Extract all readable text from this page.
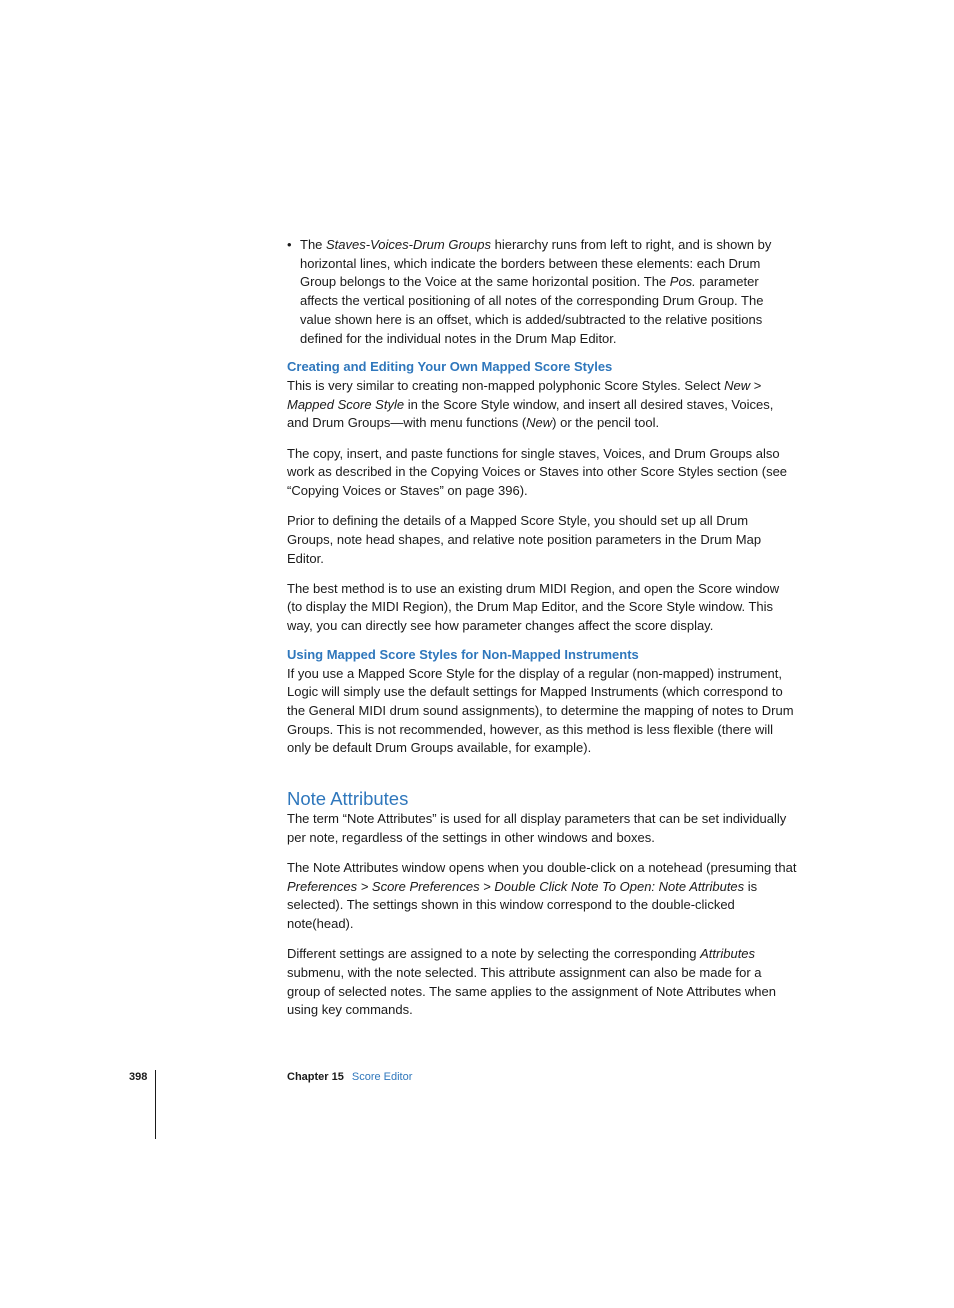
• The Staves-Voices-Drum Groups hierarchy runs from left to right, and is shown by horizontal lines, which indicate the borders between these elements: each Drum Group belongs to the Voice at the same horizontal position. The Pos. parameter affects the vertical positioning of all notes of the corresponding Drum Group. The value shown here is an offset, which is added/subtracted to the relative positions defined for the individual notes in the Drum Map Editor.

Creating and Editing Your Own Mapped Score Styles

This is very similar to creating non-mapped polyphonic Score Styles. Select New > Mapped Score Style in the Score Style window, and insert all desired staves, Voices, and Drum Groups—with menu functions (New) or the pencil tool.

The copy, insert, and paste functions for single staves, Voices, and Drum Groups also work as described in the Copying Voices or Staves into other Score Styles section (see “Copying Voices or Staves” on page 396).

Prior to defining the details of a Mapped Score Style, you should set up all Drum Groups, note head shapes, and relative note position parameters in the Drum Map Editor.

The best method is to use an existing drum MIDI Region, and open the Score window (to display the MIDI Region), the Drum Map Editor, and the Score Style window. This way, you can directly see how parameter changes affect the score display.

Using Mapped Score Styles for Non-Mapped Instruments

If you use a Mapped Score Style for the display of a regular (non-mapped) instrument, Logic will simply use the default settings for Mapped Instruments (which correspond to the General MIDI drum sound assignments), to determine the mapping of notes to Drum Groups. This is not recommended, however, as this method is less flexible (there will only be default Drum Groups available, for example).

Note Attributes

The term “Note Attributes” is used for all display parameters that can be set individually per note, regardless of the settings in other windows and boxes.

The Note Attributes window opens when you double-click on a notehead (presuming that Preferences > Score Preferences > Double Click Note To Open: Note Attributes is selected). The settings shown in this window correspond to the double-clicked note(head).

Different settings are assigned to a note by selecting the corresponding Attributes submenu, with the note selected. This attribute assignment can also be made for a group of selected notes. The same applies to the assignment of Note Attributes when using key commands.

398	Chapter 15 Score Editor
